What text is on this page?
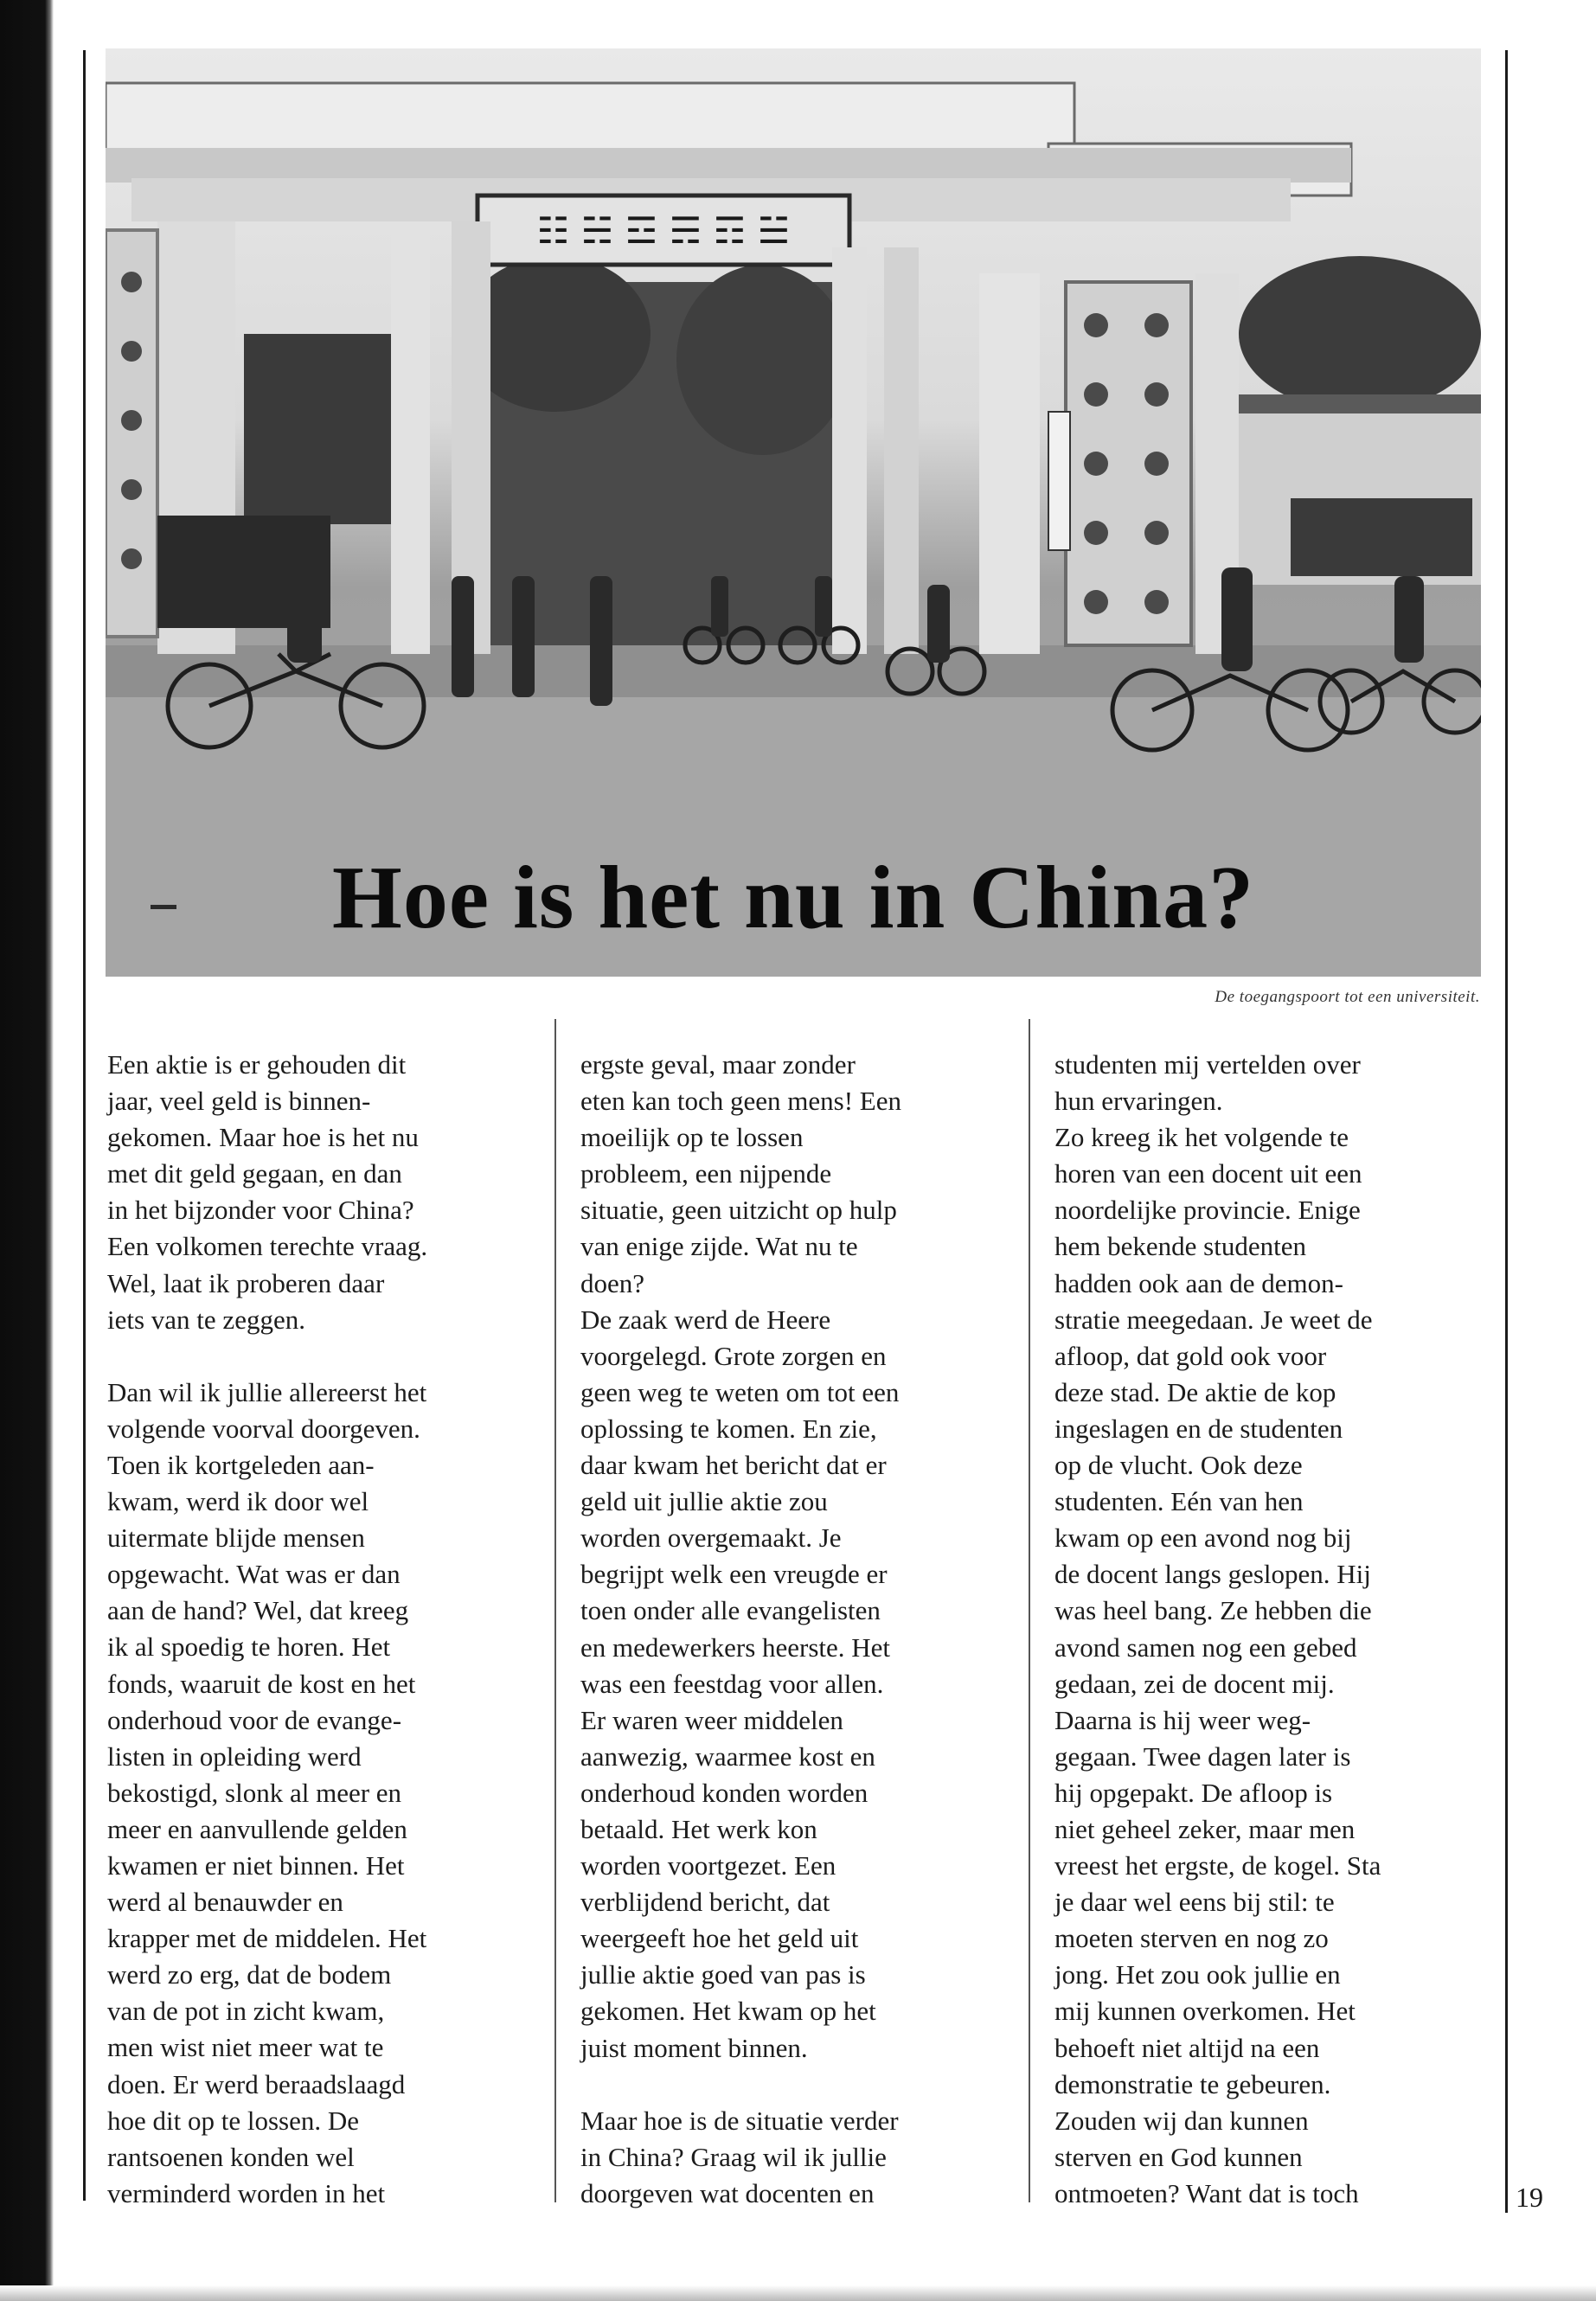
☷ ☵ ☲ ☴ ☶ ☱
Hoe is het nu in China?
De toegangspoort tot een universiteit.

Een aktie is er gehouden dit

jaar, veel geld is binnen-

gekomen. Maar hoe is het nu

met dit geld gegaan, en dan

in het bijzonder voor China?

Een volkomen terechte vraag.

Wel, laat ik proberen daar

iets van te zeggen.

Dan wil ik jullie allereerst het

volgende voorval doorgeven.

Toen ik kortgeleden aan-

kwam, werd ik door wel

uitermate blijde mensen

opgewacht. Wat was er dan

aan de hand? Wel, dat kreeg

ik al spoedig te horen. Het

fonds, waaruit de kost en het

onderhoud voor de evange-

listen in opleiding werd

bekostigd, slonk al meer en

meer en aanvullende gelden

kwamen er niet binnen. Het

werd al benauwder en

krapper met de middelen. Het

werd zo erg, dat de bodem

van de pot in zicht kwam,

men wist niet meer wat te

doen. Er werd beraadslaagd

hoe dit op te lossen. De

rantsoenen konden wel

verminderd worden in het

ergste geval, maar zonder

eten kan toch geen mens! Een

moeilijk op te lossen

probleem, een nijpende

situatie, geen uitzicht op hulp

van enige zijde. Wat nu te

doen?

De zaak werd de Heere

voorgelegd. Grote zorgen en

geen weg te weten om tot een

oplossing te komen. En zie,

daar kwam het bericht dat er

geld uit jullie aktie zou

worden overgemaakt. Je

begrijpt welk een vreugde er

toen onder alle evangelisten

en medewerkers heerste. Het

was een feestdag voor allen.

Er waren weer middelen

aanwezig, waarmee kost en

onderhoud konden worden

betaald. Het werk kon

worden voortgezet. Een

verblijdend bericht, dat

weergeeft hoe het geld uit

jullie aktie goed van pas is

gekomen. Het kwam op het

juist moment binnen.

Maar hoe is de situatie verder

in China? Graag wil ik jullie

doorgeven wat docenten en

studenten mij vertelden over

hun ervaringen.

Zo kreeg ik het volgende te

horen van een docent uit een

noordelijke provincie. Enige

hem bekende studenten

hadden ook aan de demon-

stratie meegedaan. Je weet de

afloop, dat gold ook voor

deze stad. De aktie de kop

ingeslagen en de studenten

op de vlucht. Ook deze

studenten. Eén van hen

kwam op een avond nog bij

de docent langs geslopen. Hij

was heel bang. Ze hebben die

avond samen nog een gebed

gedaan, zei de docent mij.

Daarna is hij weer weg-

gegaan. Twee dagen later is

hij opgepakt. De afloop is

niet geheel zeker, maar men

vreest het ergste, de kogel. Sta

je daar wel eens bij stil: te

moeten sterven en nog zo

jong. Het zou ook jullie en

mij kunnen overkomen. Het

behoeft niet altijd na een

demonstratie te gebeuren.

Zouden wij dan kunnen

sterven en God kunnen

ontmoeten? Want dat is toch	19
